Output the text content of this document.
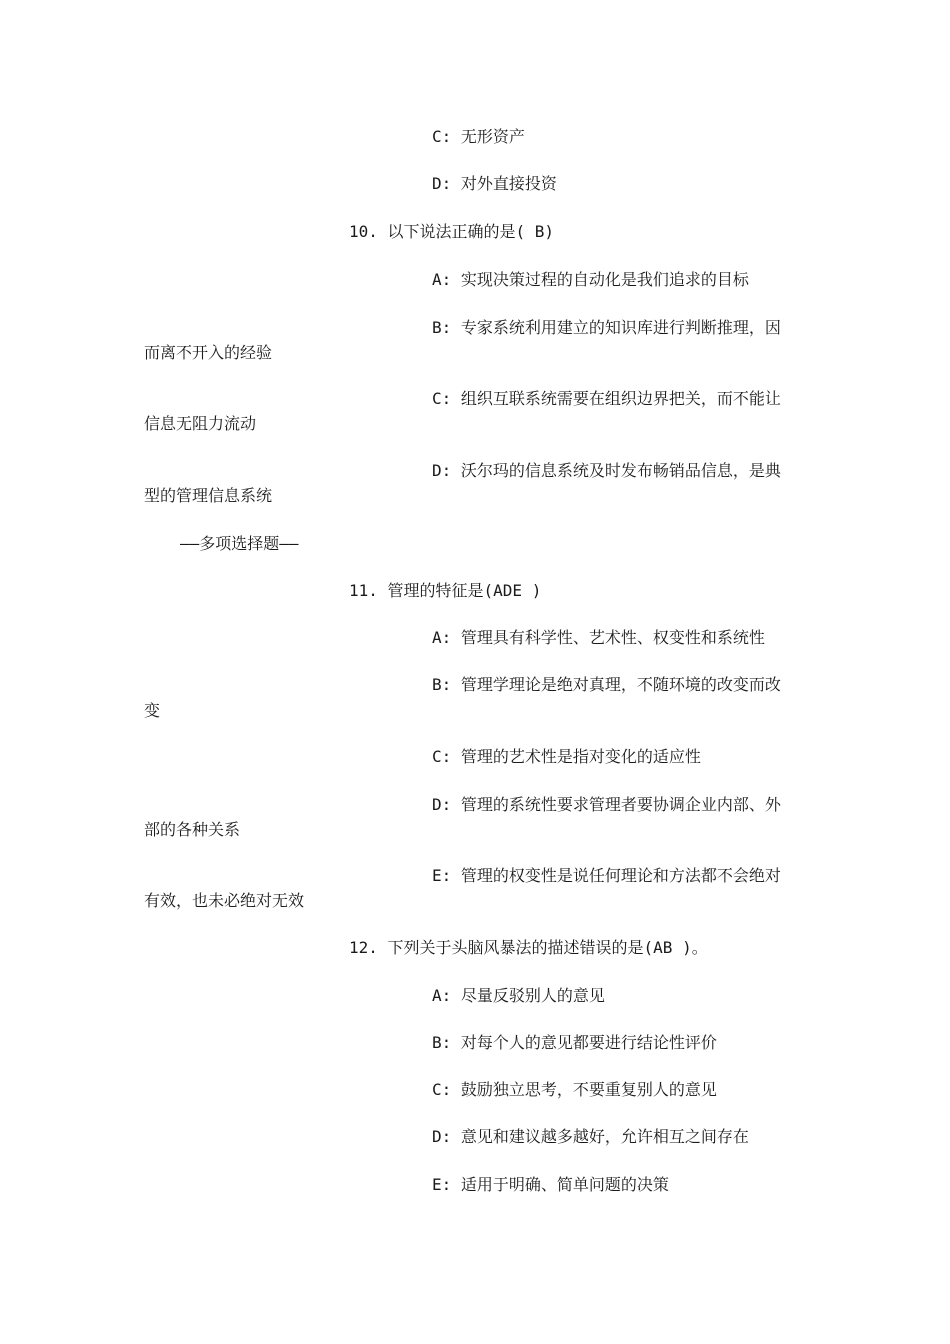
C: 无形资产
D: 对外直接投资
10. 以下说法正确的是( B)
A: 实现决策过程的自动化是我们追求的目标
B: 专家系统利用建立的知识库进行判断推理，因
而离不开入的经验
C: 组织互联系统需要在组织边界把关，而不能让
信息无阻力流动
D: 沃尔玛的信息系统及时发布畅销品信息，是典
型的管理信息系统
——多项选择题——
11. 管理的特征是(ADE )
A: 管理具有科学性、艺术性、权变性和系统性
B: 管理学理论是绝对真理，不随环境的改变而改
变
C: 管理的艺术性是指对变化的适应性
D: 管理的系统性要求管理者要协调企业内部、外
部的各种关系
E: 管理的权变性是说任何理论和方法都不会绝对
有效，也未必绝对无效
12. 下列关于头脑风暴法的描述错误的是(AB )。
A: 尽量反驳别人的意见
B: 对每个人的意见都要进行结论性评价
C: 鼓励独立思考，不要重复别人的意见
D: 意见和建议越多越好，允许相互之间存在
E: 适用于明确、简单问题的决策
